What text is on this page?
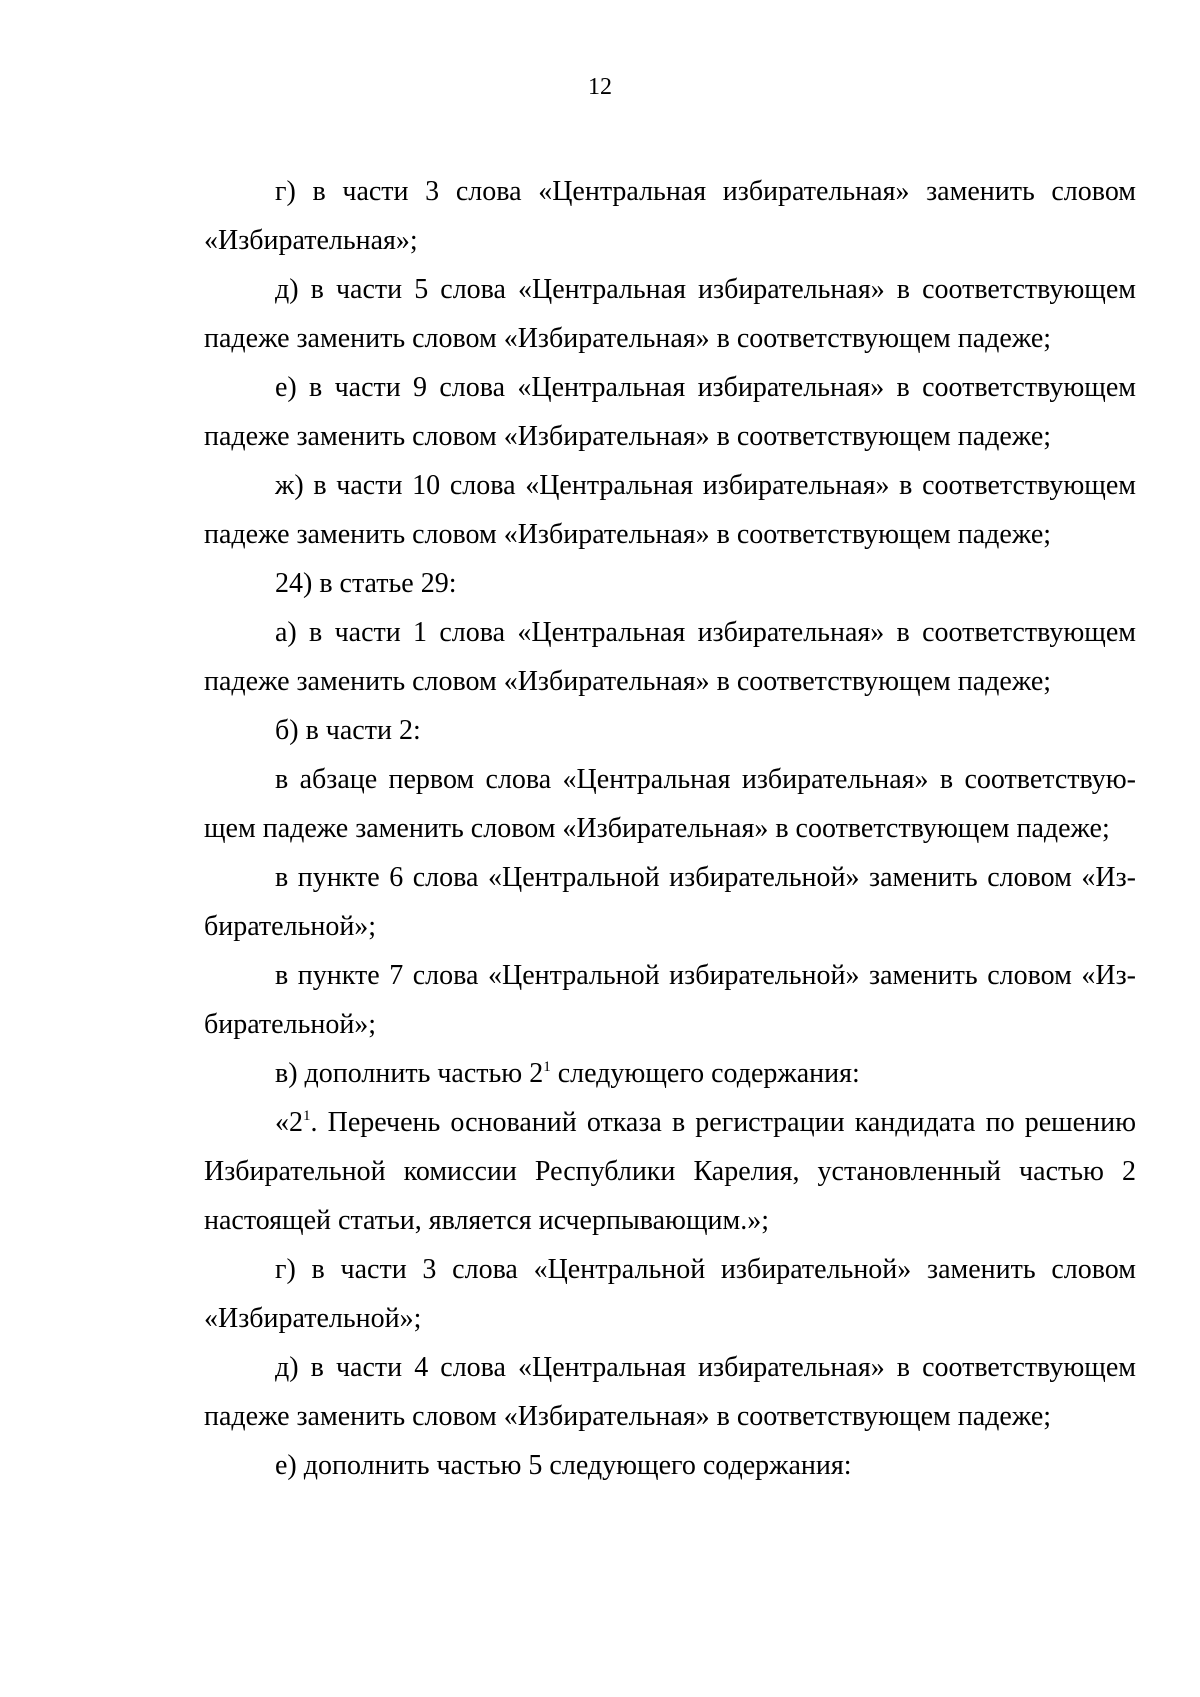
12

г) в части 3 слова «Центральная избирательная» заменить словом «Избирательная»;

д) в части 5 слова «Центральная избирательная» в соответствующем падеже заменить словом «Избирательная» в соответствующем падеже;

е) в части 9 слова «Центральная избирательная» в соответствующем падеже заменить словом «Избирательная» в соответствующем падеже;

ж) в части 10 слова «Центральная избирательная» в соответствующем падеже заменить словом «Избирательная» в соответствующем падеже;

24) в статье 29:

а) в части 1 слова «Центральная избирательная» в соответствующем падеже заменить словом «Избирательная» в соответствующем падеже;

б) в части 2:

в абзаце первом слова «Центральная избирательная» в соответствую- щем падеже заменить словом «Избирательная» в соответствующем падеже;

в пункте 6 слова «Центральной избирательной» заменить словом «Из- бирательной»;

в пункте 7 слова «Центральной избирательной» заменить словом «Из- бирательной»;

в) дополнить частью $2^1$ следующего содержания:

«$2^1$. Перечень оснований отказа в регистрации кандидата по решению Избирательной комиссии Республики Карелия, установленный частью 2 настоящей статьи, является исчерпывающим.»;

г) в части 3 слова «Центральной избирательной» заменить словом «Избирательной»;

д) в части 4 слова «Центральная избирательная» в соответствующем падеже заменить словом «Избирательная» в соответствующем падеже;

е) дополнить частью 5 следующего содержания:
